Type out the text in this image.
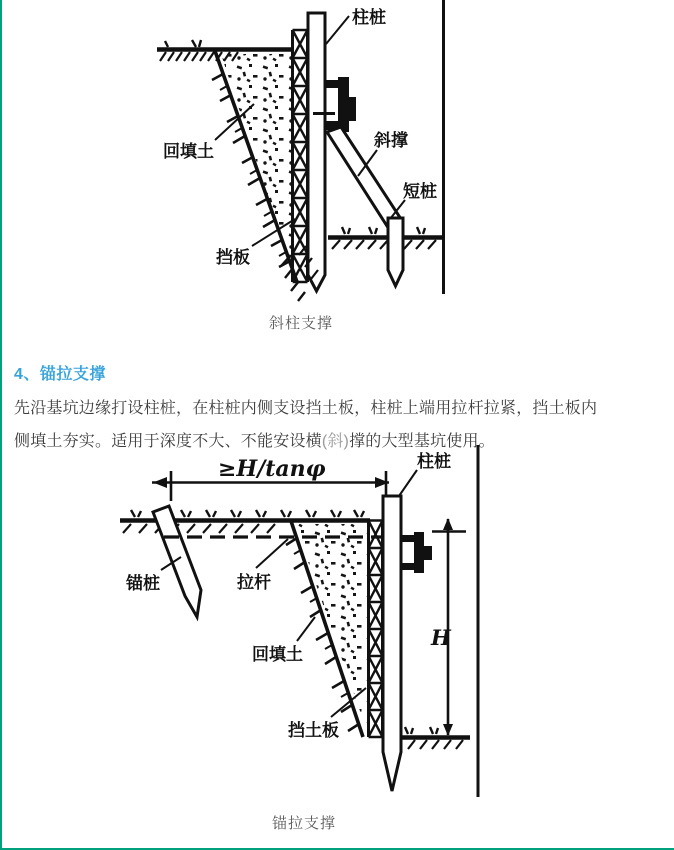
柱桩
回填土
斜撑
短桩
挡板
斜柱支撑
4、锚拉支撑
先沿基坑边缘打设柱桩，在柱桩内侧支设挡土板，柱桩上端用拉杆拉紧，挡土板内
侧填土夯实。适用于深度不大、不能安设横(斜)撑的大型基坑使用。
≥H/tanφ
H
柱桩
锚桩	拉杆
回填土
挡土板
锚拉支撑
